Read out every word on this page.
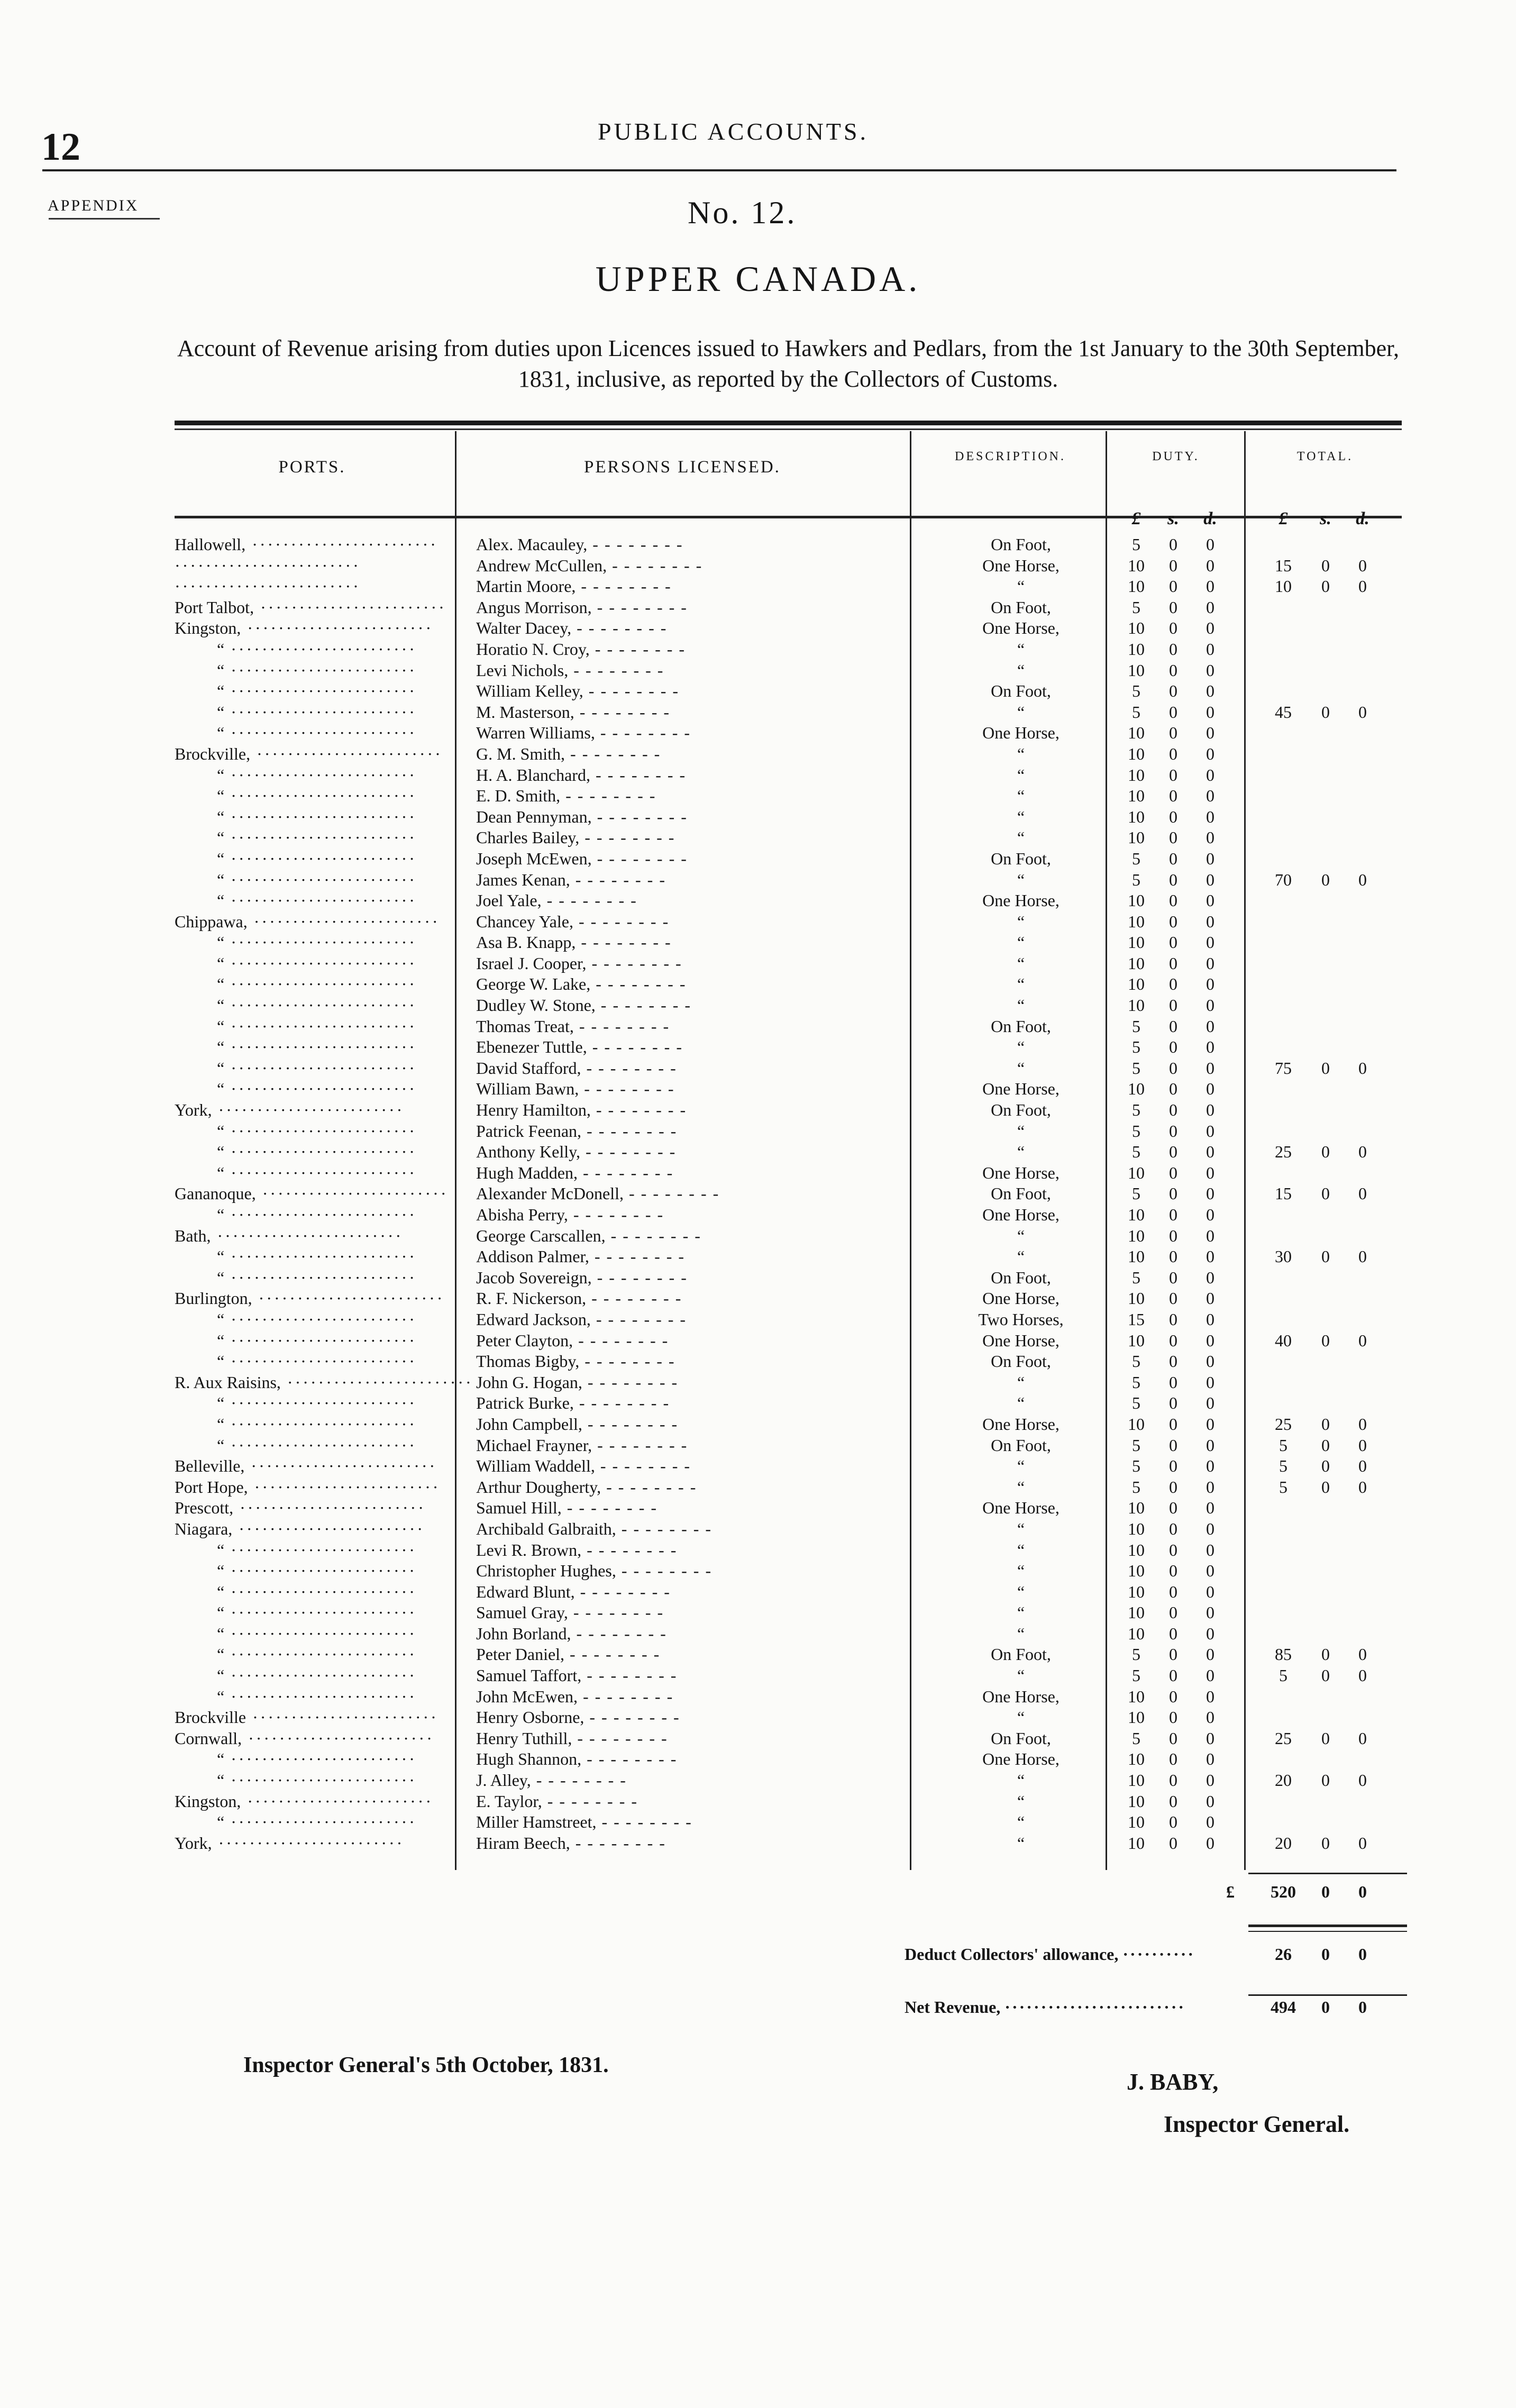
12	PUBLIC ACCOUNTS.
APPENDIX	No. 12.
UPPER CANADA.
Account of Revenue arising from duties upon Licences issued to Hawkers and Pedlars, from the 1st January to the 30th September, 1831, inclusive, as reported by the Collectors of Customs.
PORTS.	PERSONS LICENSED.
DESCRIPTION.	DUTY.	TOTAL.
£	s.	d.	£	s.	d.
Hallowell, ························	Alex. Macauley, - - - - - - - -	On Foot,	5	0	0
························	Andrew McCullen, - - - - - - - -	One Horse,	10	0	0	15	0	0
························	Martin Moore, - - - - - - - -	“	10	0	0	10	0	0
Port Talbot, ························ Angus Morrison, - - - - - - - -	On Foot,	5	0	0
Kingston, ························	Walter Dacey, - - - - - - - -	One Horse,	10	0	0
“ ························	Horatio N. Croy, - - - - - - - -	“	10	0	0
“ ························	Levi Nichols, - - - - - - - -	“	10	0	0
“ ························	William Kelley, - - - - - - - -	On Foot,	5	0	0
“ ························	M. Masterson, - - - - - - - -	“	5	0	0	45	0	0
“ ························	Warren Williams, - - - - - - - -	One Horse,	10	0	0
Brockville, ························	G. M. Smith, - - - - - - - -	“	10	0	0
“ ························	H. A. Blanchard, - - - - - - - -	“	10	0	0
“ ························	E. D. Smith, - - - - - - - -	“	10	0	0
“ ························	Dean Pennyman, - - - - - - - -	“	10	0	0
“ ························	Charles Bailey, - - - - - - - -	“	10	0	0
“ ························	Joseph McEwen, - - - - - - - -	On Foot,	5	0	0
“ ························	James Kenan, - - - - - - - -	“	5	0	0	70	0	0
“ ························	Joel Yale, - - - - - - - -	One Horse,	10	0	0
Chippawa, ························	Chancey Yale, - - - - - - - -	“	10	0	0
“ ························	Asa B. Knapp, - - - - - - - -	“	10	0	0
“ ························	Israel J. Cooper, - - - - - - - -	“	10	0	0
“ ························	George W. Lake, - - - - - - - -	“	10	0	0
“ ························	Dudley W. Stone, - - - - - - - -	“	10	0	0
“ ························	Thomas Treat, - - - - - - - -	On Foot,	5	0	0
“ ························	Ebenezer Tuttle, - - - - - - - -	“	5	0	0
“ ························	David Stafford, - - - - - - - -	“	5	0	0	75	0	0
“ ························	William Bawn, - - - - - - - -	One Horse,	10	0	0
York, ························	Henry Hamilton, - - - - - - - -	On Foot,	5	0	0
“ ························	Patrick Feenan, - - - - - - - -	“	5	0	0
“ ························	Anthony Kelly, - - - - - - - -	“	5	0	0	25	0	0
“ ························	Hugh Madden, - - - - - - - -	One Horse,	10	0	0
Gananoque, ························ Alexander McDonell, - - - - - - - -	On Foot,	5	0	0	15	0	0
“ ························	Abisha Perry, - - - - - - - -	One Horse,	10	0	0
Bath, ························	George Carscallen, - - - - - - - -	“	10	0	0
“ ························	Addison Palmer, - - - - - - - -	“	10	0	0	30	0	0
“ ························	Jacob Sovereign, - - - - - - - -	On Foot,	5	0	0
Burlington, ························ R. F. Nickerson, - - - - - - - -	One Horse,	10	0	0
“ ························	Edward Jackson, - - - - - - - -	Two Horses,	15	0	0
“ ························	Peter Clayton, - - - - - - - -	One Horse,	10	0	0	40	0	0
“ ························	Thomas Bigby, - - - - - - - -	On Foot,	5	0	0
R. Aux Raisins, ························ John G. Hogan, - - - - - - - -	“	5	0	0
“ ························	Patrick Burke, - - - - - - - -	“	5	0	0
“ ························	John Campbell, - - - - - - - -	One Horse,	10	0	0	25	0	0
“ ························	Michael Frayner, - - - - - - - -	On Foot,	5	0	0	5	0	0
Belleville, ························	William Waddell, - - - - - - - -	“	5	0	0	5	0	0
Port Hope, ························	Arthur Dougherty, - - - - - - - -	“	5	0	0	5	0	0
Prescott, ························	Samuel Hill, - - - - - - - -	One Horse,	10	0	0
Niagara, ························	Archibald Galbraith, - - - - - - - -	“	10	0	0
“ ························	Levi R. Brown, - - - - - - - -	“	10	0	0
“ ························	Christopher Hughes, - - - - - - - -	“	10	0	0
“ ························	Edward Blunt, - - - - - - - -	“	10	0	0
“ ························	Samuel Gray, - - - - - - - -	“	10	0	0
“ ························	John Borland, - - - - - - - -	“	10	0	0
“ ························	Peter Daniel, - - - - - - - -	On Foot,	5	0	0	85	0	0
“ ························	Samuel Taffort, - - - - - - - -	“	5	0	0	5	0	0
“ ························	John McEwen, - - - - - - - -	One Horse,	10	0	0
Brockville ························	Henry Osborne, - - - - - - - -	“	10	0	0
Cornwall, ························	Henry Tuthill, - - - - - - - -	On Foot,	5	0	0	25	0	0
“ ························	Hugh Shannon, - - - - - - - -	One Horse,	10	0	0
“ ························	J. Alley, - - - - - - - -	“	10	0	0	20	0	0
Kingston, ························	E. Taylor, - - - - - - - -	“	10	0	0
“ ························	Miller Hamstreet, - - - - - - - -	“	10	0	0
York, ························	Hiram Beech, - - - - - - - -	“	10	0	0	20	0	0
£	520	0	0
Deduct Collectors' allowance, ··········	26	0	0
Net Revenue, ·························	494	0	0
Inspector General's 5th October, 1831.
J. BABY,
Inspector General.
